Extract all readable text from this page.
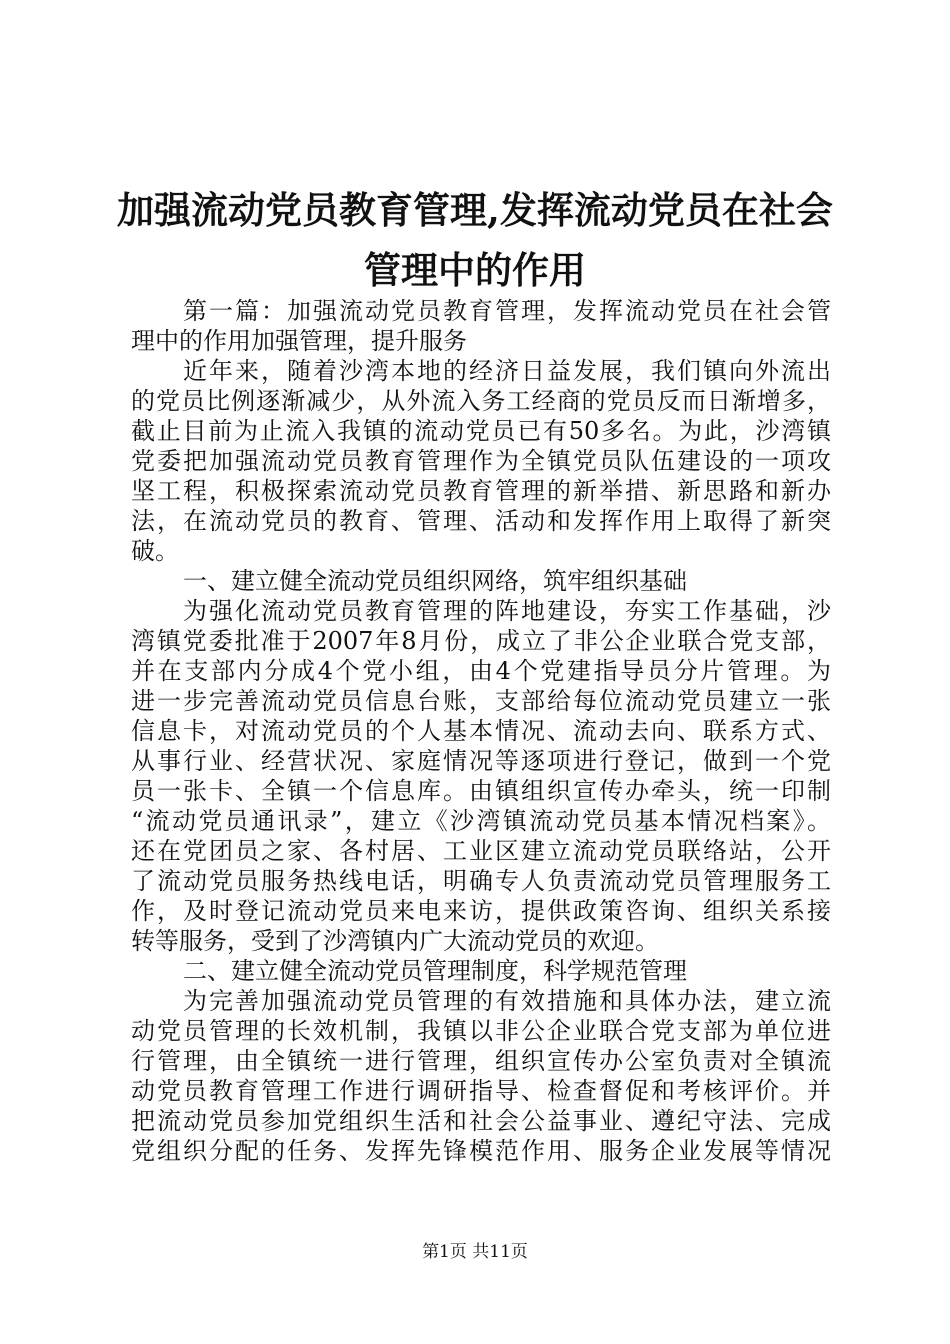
加强流动党员教育管理,发挥流动党员在社会
管理中的作用
第一篇：加强流动党员教育管理，发挥流动党员在社会管
理中的作用加强管理，提升服务
近年来，随着沙湾本地的经济日益发展，我们镇向外流出
的党员比例逐渐减少，从外流入务工经商的党员反而日渐增多，
截止目前为止流入我镇的流动党员已有50多名。为此，沙湾镇
党委把加强流动党员教育管理作为全镇党员队伍建设的一项攻
坚工程，积极探索流动党员教育管理的新举措、新思路和新办
法，在流动党员的教育、管理、活动和发挥作用上取得了新突
破。
一、建立健全流动党员组织网络，筑牢组织基础
为强化流动党员教育管理的阵地建设，夯实工作基础，沙
湾镇党委批准于2007年8月份，成立了非公企业联合党支部，
并在支部内分成4个党小组，由4个党建指导员分片管理。为
进一步完善流动党员信息台账，支部给每位流动党员建立一张
信息卡，对流动党员的个人基本情况、流动去向、联系方式、
从事行业、经营状况、家庭情况等逐项进行登记，做到一个党
员一张卡、全镇一个信息库。由镇组织宣传办牵头，统一印制
“流动党员通讯录”，建立《沙湾镇流动党员基本情况档案》。
还在党团员之家、各村居、工业区建立流动党员联络站，公开
了流动党员服务热线电话，明确专人负责流动党员管理服务工
作，及时登记流动党员来电来访，提供政策咨询、组织关系接
转等服务，受到了沙湾镇内广大流动党员的欢迎。
二、建立健全流动党员管理制度，科学规范管理
为完善加强流动党员管理的有效措施和具体办法，建立流
动党员管理的长效机制，我镇以非公企业联合党支部为单位进
行管理，由全镇统一进行管理，组织宣传办公室负责对全镇流
动党员教育管理工作进行调研指导、检查督促和考核评价。并
把流动党员参加党组织生活和社会公益事业、遵纪守法、完成
党组织分配的任务、发挥先锋模范作用、服务企业发展等情况
第1页 共11页
